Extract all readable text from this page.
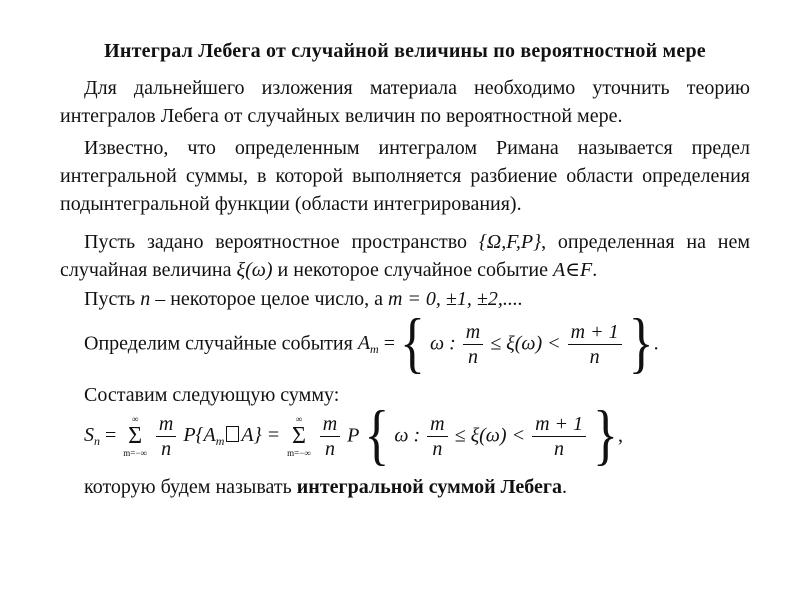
Интеграл Лебега от случайной величины по вероятностной мере

Для дальнейшего изложения материала необходимо уточнить теорию интегралов Лебега от случайных величин по вероятностной мере.

Известно, что определенным интегралом Римана называется предел интегральной суммы, в которой выполняется разбиение области определения подынтегральной функции (области интегрирования).

Пусть задано вероятностное пространство {Ω,F,P}, определенная на нем случайная величина ξ(ω) и некоторое случайное событие A∈F.

Пусть n – некоторое целое число, а m = 0, ±1, ±2,....
Определим случайные события $A_m$ = { ω : $\frac{m}{n} \le \xi(\omega) < \frac{m + 1}{n}$ }.
Составим следующую сумму:
$S_n$ =
∞
Σ
m=−∞
$\frac{m}{n} P\{A_m$ A} =
∞
Σ
m=−∞
$\frac{m}{n}$ P { ω : $\frac{m}{n} \le \xi(\omega) < \frac{m + 1}{n}$ },
которую будем называть интегральной суммой Лебега.
